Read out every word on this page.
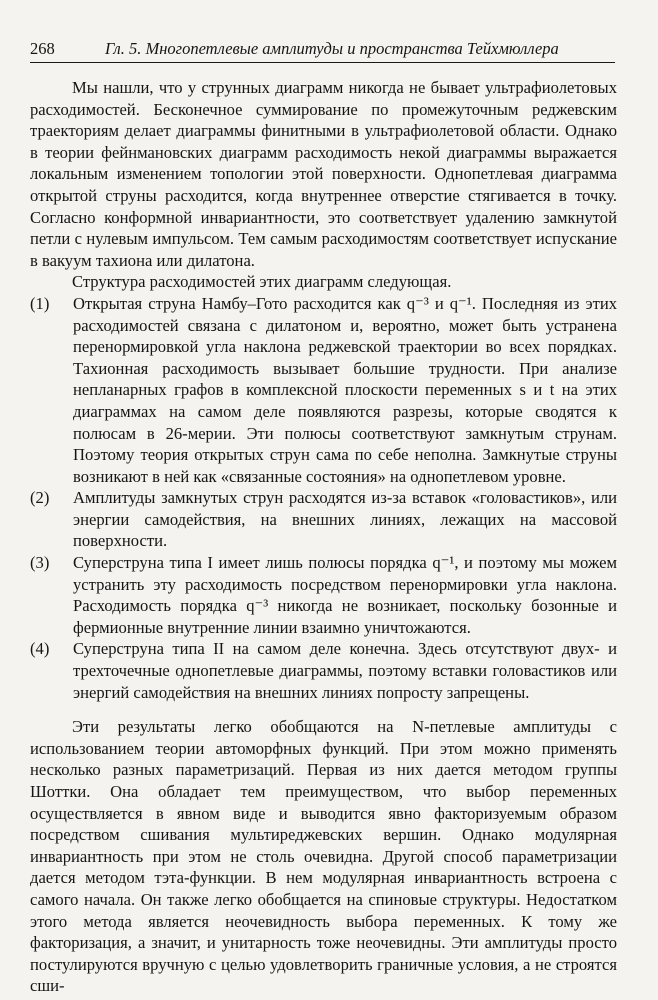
268	Гл. 5. Многопетлевые амплитуды и пространства Тейхмюллера

Мы нашли, что у струнных диаграмм никогда не бывает ультрафиолетовых расходимостей. Бесконечное суммирование по промежуточным реджевским траекториям делает диаграммы финитными в ультрафиолетовой области. Однако в теории фейнмановских диаграмм расходимость некой диаграммы выражается локальным изменением топологии этой поверхности. Однопетлевая диаграмма открытой струны расходится, когда внутреннее отверстие стягивается в точку. Согласно конформной инвариантности, это соответствует удалению замкнутой петли с нулевым импульсом. Тем самым расходимостям соответствует испускание в вакуум тахиона или дилатона.

Структура расходимостей этих диаграмм следующая.

(1)	Открытая струна Намбу–Гото расходится как q⁻³ и q⁻¹. Последняя из этих расходимостей связана с дилатоном и, вероятно, может быть устранена перенормировкой угла наклона реджевской траектории во всех порядках. Тахионная расходимость вызывает большие трудности. При анализе непланарных графов в комплексной плоскости переменных s и t на этих диаграммах на самом деле появляются разрезы, которые сводятся к полюсам в 26-мерии. Эти полюсы соответствуют замкнутым струнам. Поэтому теория открытых струн сама по себе неполна. Замкнутые струны возникают в ней как «связанные состояния» на однопетлевом уровне.
(2)	Амплитуды замкнутых струн расходятся из-за вставок «головастиков», или энергии самодействия, на внешних линиях, лежащих на массовой поверхности.
(3)	Суперструна типа I имеет лишь полюсы порядка q⁻¹, и поэтому мы можем устранить эту расходимость посредством перенормировки угла наклона. Расходимость порядка q⁻³ никогда не возникает, поскольку бозонные и фермионные внутренние линии взаимно уничтожаются.
(4)	Суперструна типа II на самом деле конечна. Здесь отсутствуют двух- и трехточечные однопетлевые диаграммы, поэтому вставки головастиков или энергий самодействия на внешних линиях попросту запрещены.

Эти результаты легко обобщаются на N-петлевые амплитуды с использованием теории автоморфных функций. При этом можно применять несколько разных параметризаций. Первая из них дается методом группы Шоттки. Она обладает тем преимуществом, что выбор переменных осуществляется в явном виде и выводится явно факторизуемым образом посредством сшивания мультиреджевских вершин. Однако модулярная инвариантность при этом не столь очевидна. Другой способ параметризации дается методом тэта-функции. В нем модулярная инвариантность встроена с самого начала. Он также легко обобщается на спиновые структуры. Недостатком этого метода является неочевидность выбора переменных. К тому же факторизация, а значит, и унитарность тоже неочевидны. Эти амплитуды просто постулируются вручную с целью удовлетворить граничные условия, а не строятся сши-
